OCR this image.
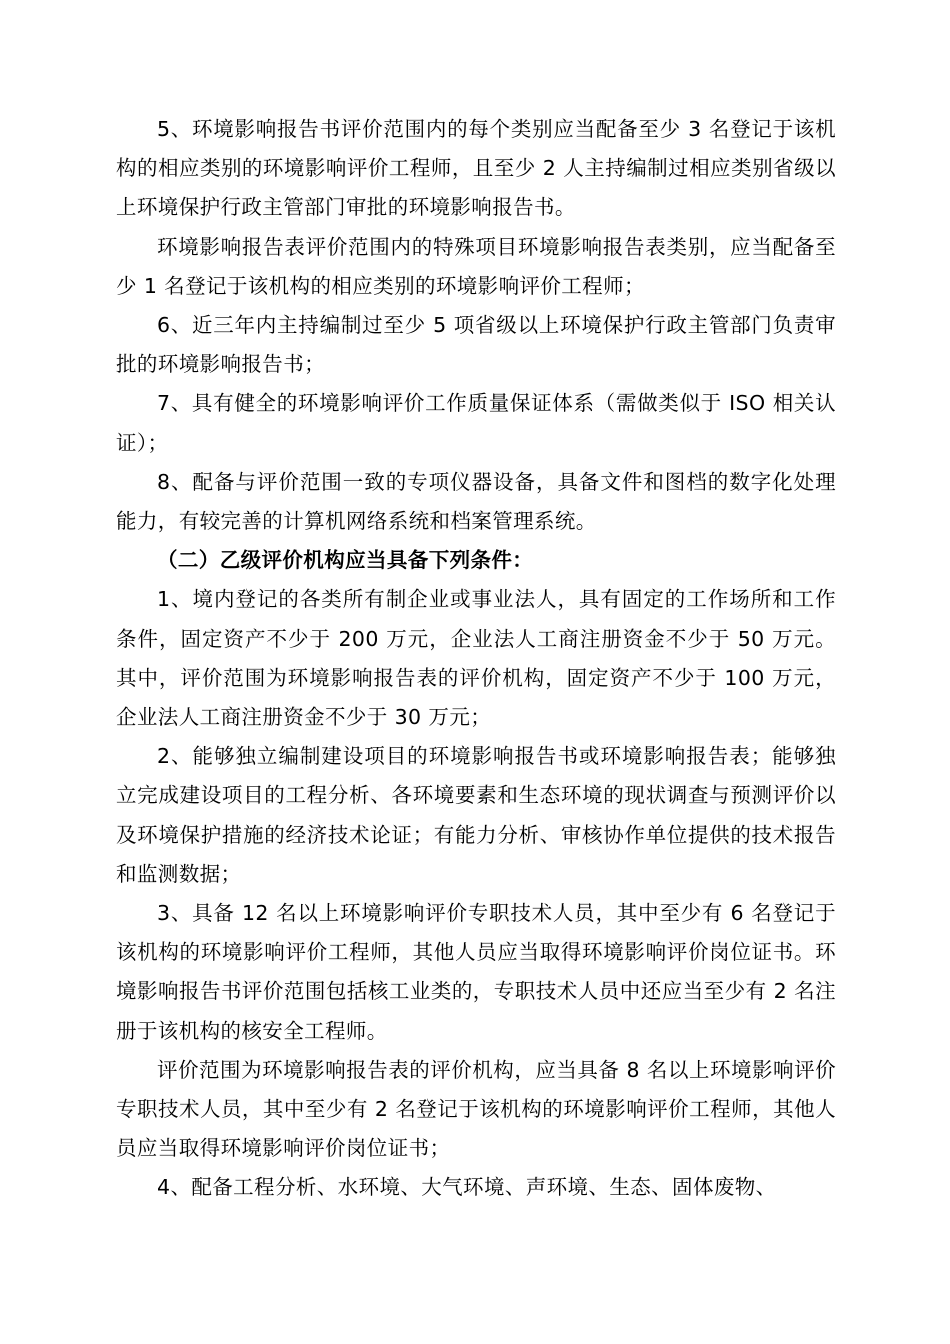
5、环境影响报告书评价范围内的每个类别应当配备至少 3 名登记于该机构的相应类别的环境影响评价工程师，且至少 2 人主持编制过相应类别省级以上环境保护行政主管部门审批的环境影响报告书。

环境影响报告表评价范围内的特殊项目环境影响报告表类别，应当配备至少 1 名登记于该机构的相应类别的环境影响评价工程师；

6、近三年内主持编制过至少 5 项省级以上环境保护行政主管部门负责审批的环境影响报告书；

7、具有健全的环境影响评价工作质量保证体系（需做类似于 ISO 相关认证）；

8、配备与评价范围一致的专项仪器设备，具备文件和图档的数字化处理能力，有较完善的计算机网络系统和档案管理系统。

（二）乙级评价机构应当具备下列条件：

1、境内登记的各类所有制企业或事业法人，具有固定的工作场所和工作条件，固定资产不少于 200 万元，企业法人工商注册资金不少于 50 万元。其中，评价范围为环境影响报告表的评价机构，固定资产不少于 100 万元，企业法人工商注册资金不少于 30 万元；

2、能够独立编制建设项目的环境影响报告书或环境影响报告表；能够独立完成建设项目的工程分析、各环境要素和生态环境的现状调查与预测评价以及环境保护措施的经济技术论证；有能力分析、审核协作单位提供的技术报告和监测数据；

3、具备 12 名以上环境影响评价专职技术人员，其中至少有 6 名登记于该机构的环境影响评价工程师，其他人员应当取得环境影响评价岗位证书。环境影响报告书评价范围包括核工业类的，专职技术人员中还应当至少有 2 名注册于该机构的核安全工程师。

评价范围为环境影响报告表的评价机构，应当具备 8 名以上环境影响评价专职技术人员，其中至少有 2 名登记于该机构的环境影响评价工程师，其他人员应当取得环境影响评价岗位证书；

4、配备工程分析、水环境、大气环境、声环境、生态、固体废物、
